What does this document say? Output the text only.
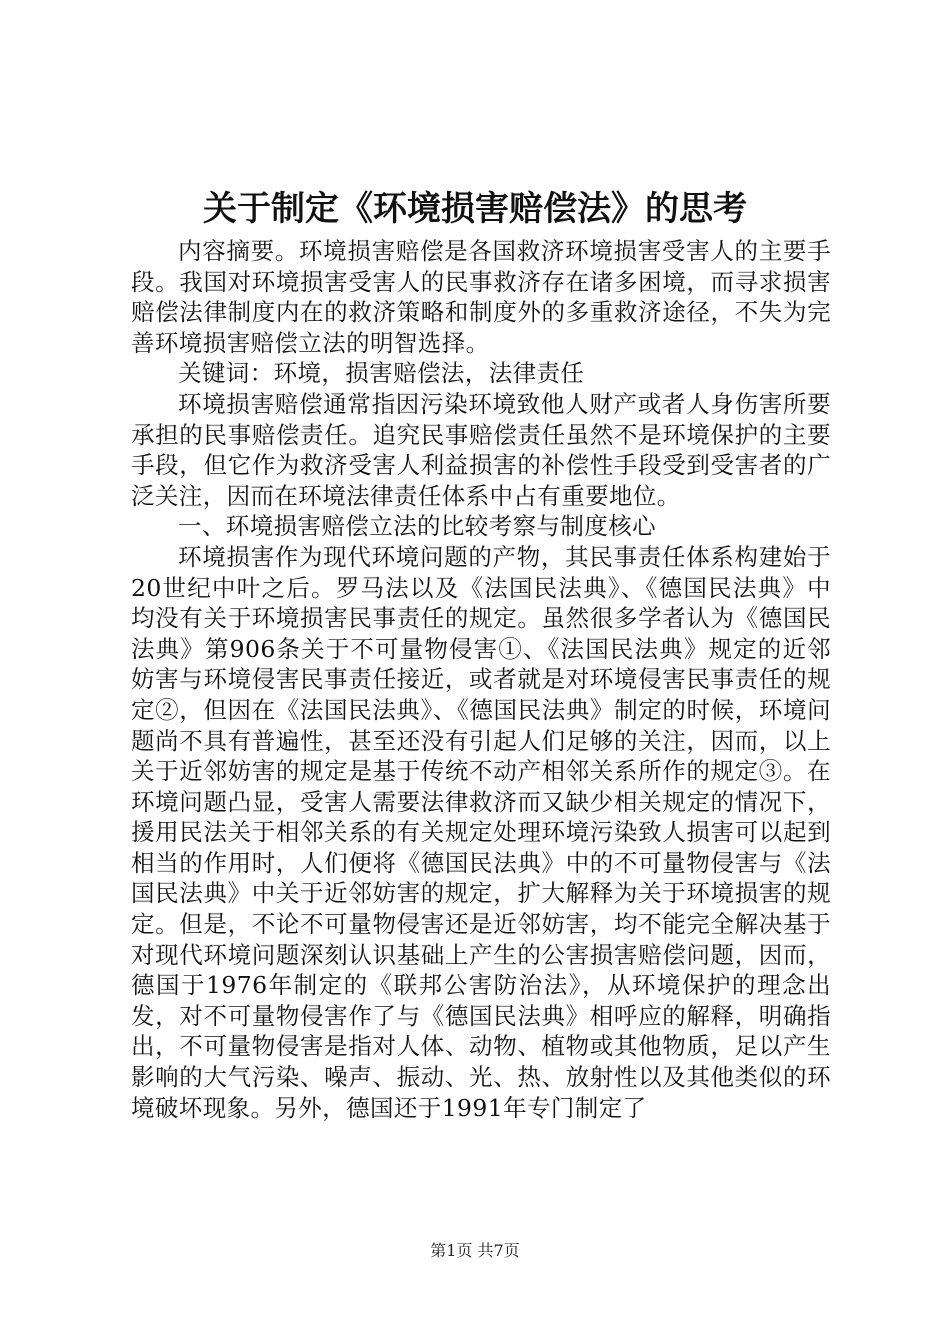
关于制定《环境损害赔偿法》的思考

内容摘要。环境损害赔偿是各国救济环境损害受害人的主要手段。我国对环境损害受害人的民事救济存在诸多困境，而寻求损害赔偿法律制度内在的救济策略和制度外的多重救济途径，不失为完善环境损害赔偿立法的明智选择。

关键词：环境，损害赔偿法，法律责任

环境损害赔偿通常指因污染环境致他人财产或者人身伤害所要承担的民事赔偿责任。追究民事赔偿责任虽然不是环境保护的主要手段，但它作为救济受害人利益损害的补偿性手段受到受害者的广泛关注，因而在环境法律责任体系中占有重要地位。

一、环境损害赔偿立法的比较考察与制度核心

环境损害作为现代环境问题的产物，其民事责任体系构建始于20世纪中叶之后。罗马法以及《法国民法典》、《德国民法典》中均没有关于环境损害民事责任的规定。虽然很多学者认为《德国民法典》第906条关于不可量物侵害①、《法国民法典》规定的近邻妨害与环境侵害民事责任接近，或者就是对环境侵害民事责任的规定②，但因在《法国民法典》、《德国民法典》制定的时候，环境问题尚不具有普遍性，甚至还没有引起人们足够的关注，因而，以上关于近邻妨害的规定是基于传统不动产相邻关系所作的规定③。在环境问题凸显，受害人需要法律救济而又缺少相关规定的情况下，援用民法关于相邻关系的有关规定处理环境污染致人损害可以起到相当的作用时，人们便将《德国民法典》中的不可量物侵害与《法国民法典》中关于近邻妨害的规定，扩大解释为关于环境损害的规定。但是，不论不可量物侵害还是近邻妨害，均不能完全解决基于对现代环境问题深刻认识基础上产生的公害损害赔偿问题，因而，德国于1976年制定的《联邦公害防治法》，从环境保护的理念出发，对不可量物侵害作了与《德国民法典》相呼应的解释，明确指出，不可量物侵害是指对人体、动物、植物或其他物质，足以产生影响的大气污染、噪声、振动、光、热、放射性以及其他类似的环境破坏现象。另外，德国还于1991年专门制定了

第1页 共7页
